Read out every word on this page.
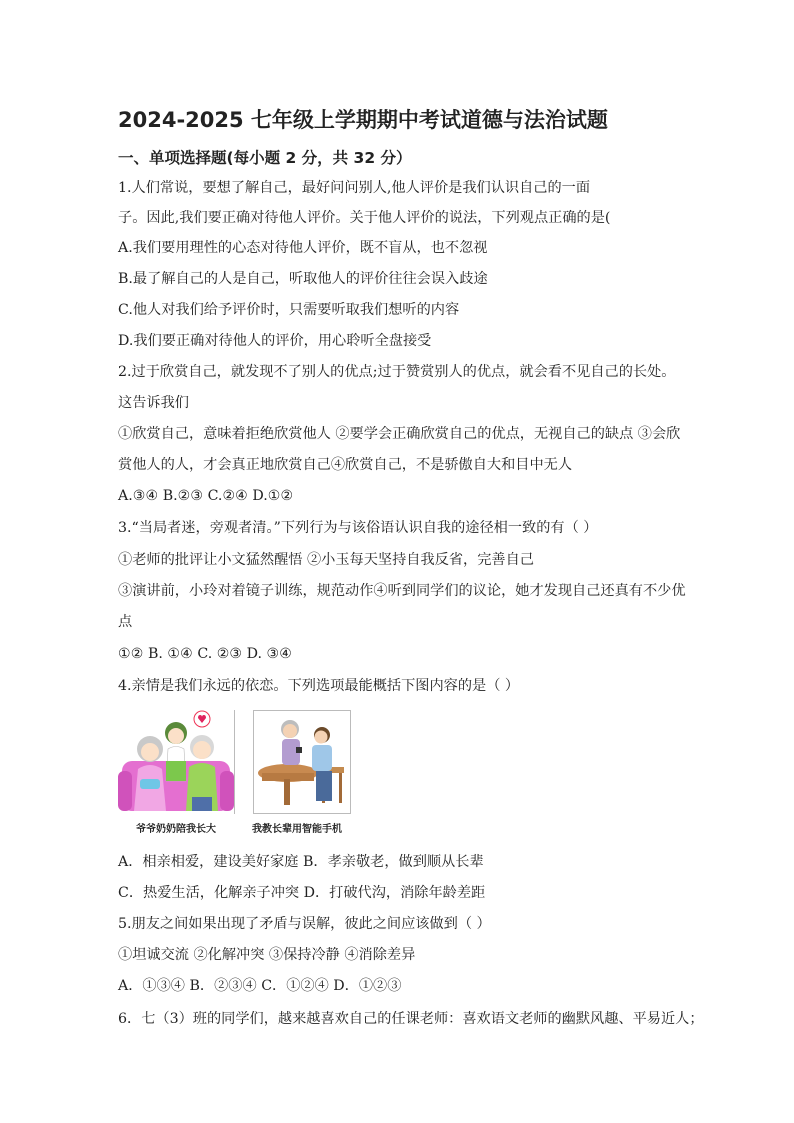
2024-2025 七年级上学期期中考试道德与法治试题
一、单项选择题(每小题 2 分，共 32 分）
1.人们常说，要想了解自己，最好问问别人,他人评价是我们认识自己的一面
子。因此,我们要正确对待他人评价。关于他人评价的说法，下列观点正确的是(
A.我们要用理性的心态对待他人评价，既不盲从，也不忽视
B.最了解自己的人是自己，听取他人的评价往往会误入歧途
C.他人对我们给予评价时，只需要听取我们想听的内容
D.我们要正确对待他人的评价，用心聆听全盘接受
2.过于欣赏自己，就发现不了别人的优点;过于赞赏别人的优点，就会看不见自己的长处。
这告诉我们
①欣赏自己，意味着拒绝欣赏他人 ②要学会正确欣赏自己的优点，无视自己的缺点 ③会欣
赏他人的人，才会真正地欣赏自己④欣赏自己，不是骄傲自大和目中无人
A.③④ B.②③ C.②④ D.①②
3.“当局者迷，旁观者清。”下列行为与该俗语认识自我的途径相一致的有（ ）
①老师的批评让小文猛然醒悟 ②小玉每天坚持自我反省，完善自己
③演讲前，小玲对着镜子训练，规范动作④听到同学们的议论，她才发现自己还真有不少优
点
①② B. ①④ C. ②③ D. ③④
4.亲情是我们永远的依恋。下列选项最能概括下图内容的是（ ）
爷爷奶奶陪我长大	我教长辈用智能手机
A．相亲相爱，建设美好家庭 B．孝亲敬老，做到顺从长辈
C．热爱生活，化解亲子冲突 D．打破代沟，消除年龄差距
5.朋友之间如果出现了矛盾与误解，彼此之间应该做到（ ）
①坦诚交流 ②化解冲突 ③保持冷静 ④消除差异
A．①③④ B．②③④ C．①②④ D．①②③
6．七（3）班的同学们，越来越喜欢自己的任课老师：喜欢语文老师的幽默风趣、平易近人；
